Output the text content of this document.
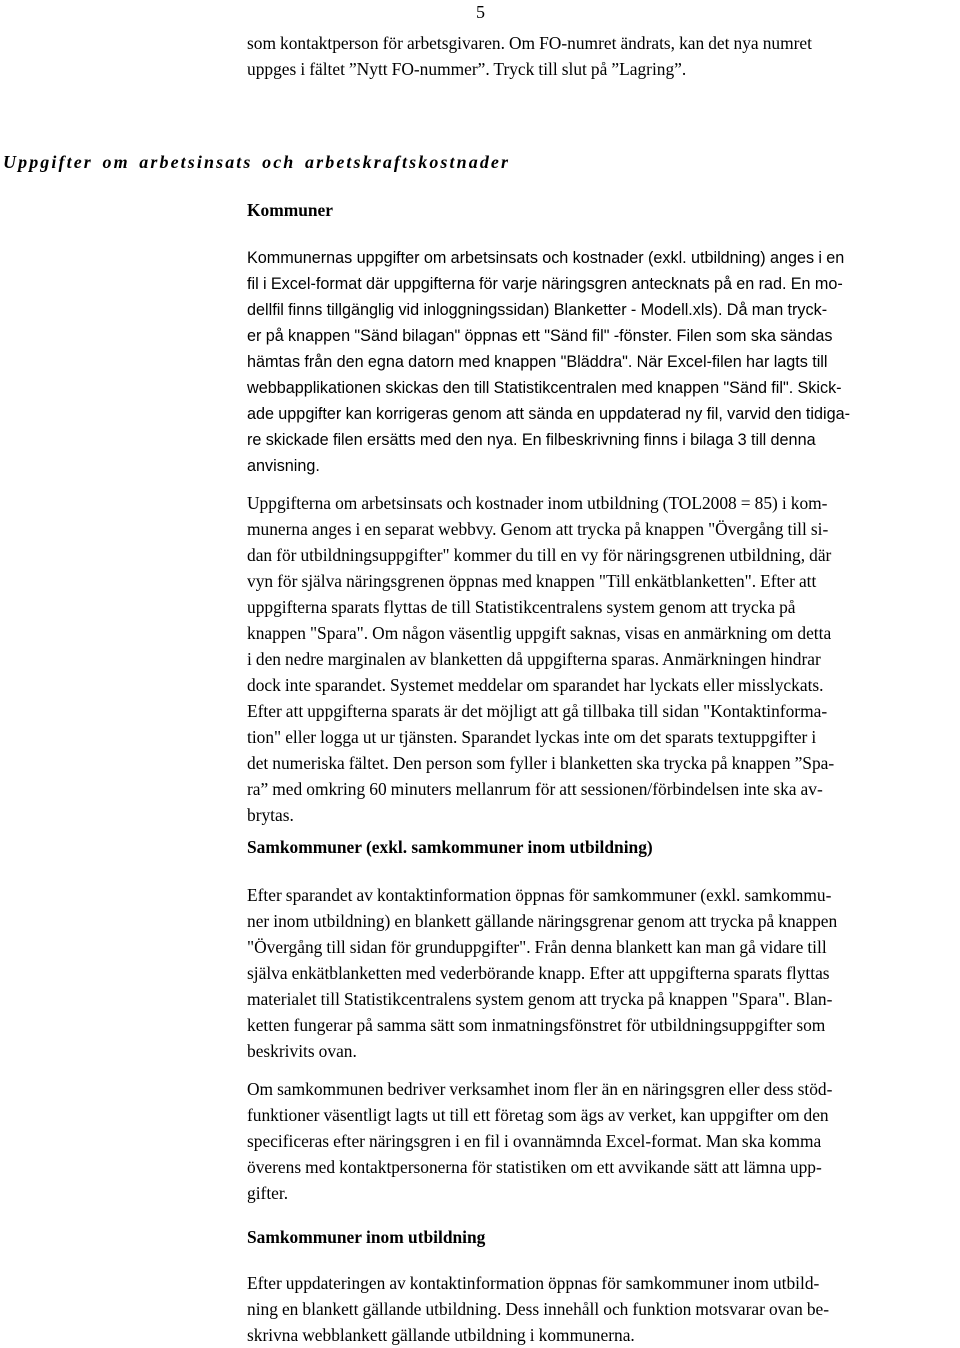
5

som kontaktperson för arbetsgivaren. Om FO-numret ändrats, kan det nya numret
uppges i fältet ”Nytt FO-nummer”. Tryck till slut på ”Lagring”.

Uppgifter om arbetsinsats och arbetskraftskostnader
Kommuner

Kommunernas uppgifter om arbetsinsats och kostnader (exkl. utbildning) anges i en
fil i Excel-format där uppgifterna för varje näringsgren antecknats på en rad. En mo-
dellfil finns tillgänglig vid inloggningssidan) Blanketter - Modell.xls). Då man tryck-
er på knappen "Sänd bilagan" öppnas ett "Sänd fil" -fönster. Filen som ska sändas
hämtas från den egna datorn med knappen "Bläddra". När Excel-filen har lagts till
webbapplikationen skickas den till Statistikcentralen med knappen "Sänd fil". Skick-
ade uppgifter kan korrigeras genom att sända en uppdaterad ny fil, varvid den tidiga-
re skickade filen ersätts med den nya. En filbeskrivning finns i bilaga 3 till denna
anvisning.

Uppgifterna om arbetsinsats och kostnader inom utbildning (TOL2008 = 85) i kom-
munerna anges i en separat webbvy. Genom att trycka på knappen "Övergång till si-
dan för utbildningsuppgifter" kommer du till en vy för näringsgrenen utbildning, där
vyn för själva näringsgrenen öppnas med knappen "Till enkätblanketten". Efter att
uppgifterna sparats flyttas de till Statistikcentralens system genom att trycka på
knappen "Spara". Om någon väsentlig uppgift saknas, visas en anmärkning om detta
i den nedre marginalen av blanketten då uppgifterna sparas. Anmärkningen hindrar
dock inte sparandet. Systemet meddelar om sparandet har lyckats eller misslyckats.
Efter att uppgifterna sparats är det möjligt att gå tillbaka till sidan "Kontaktinforma-
tion" eller logga ut ur tjänsten. Sparandet lyckas inte om det sparats textuppgifter i
det numeriska fältet. Den person som fyller i blanketten ska trycka på knappen ”Spa-
ra” med omkring 60 minuters mellanrum för att sessionen/förbindelsen inte ska av-
brytas.

Samkommuner (exkl. samkommuner inom utbildning)

Efter sparandet av kontaktinformation öppnas för samkommuner (exkl. samkommu-
ner inom utbildning) en blankett gällande näringsgrenar genom att trycka på knappen
"Övergång till sidan för grunduppgifter". Från denna blankett kan man gå vidare till
själva enkätblanketten med vederbörande knapp. Efter att uppgifterna sparats flyttas
materialet till Statistikcentralens system genom att trycka på knappen "Spara". Blan-
ketten fungerar på samma sätt som inmatningsfönstret för utbildningsuppgifter som
beskrivits ovan.

Om samkommunen bedriver verksamhet inom fler än en näringsgren eller dess stöd-
funktioner väsentligt lagts ut till ett företag som ägs av verket, kan uppgifter om den
specificeras efter näringsgren i en fil i ovannämnda Excel-format. Man ska komma
överens med kontaktpersonerna för statistiken om ett avvikande sätt att lämna upp-
gifter.

Samkommuner inom utbildning

Efter uppdateringen av kontaktinformation öppnas för samkommuner inom utbild-
ning en blankett gällande utbildning. Dess innehåll och funktion motsvarar ovan be-
skrivna webblankett gällande utbildning i kommunerna.
